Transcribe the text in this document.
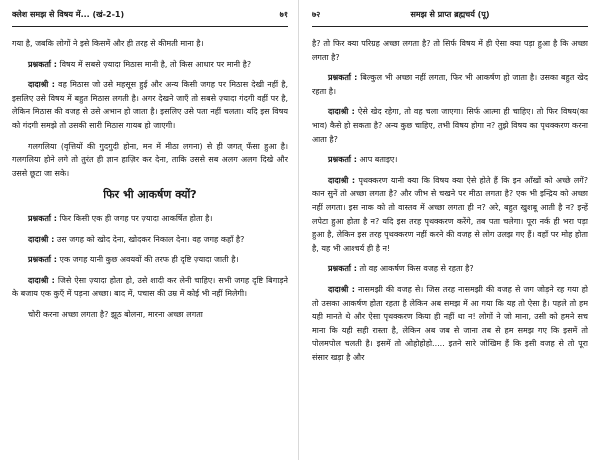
क्लेश समझ से विषय में... (खं-2-1)	७१

गया है, जबकि लोगों ने इसे किसमें और ही तरह से कीमती माना है।

प्रश्नकर्ता : विषय में सबसे ज़्यादा मिठास मानी है, तो किस आधार पर मानी है?

दादाश्री : वह मिठास जो उसे महसूस हुई और अन्य किसी जगह पर मिठास देखी नहीं है, इसलिए उसे विषय में बहुत मिठास लगती है। अगर देखने जाएँ तो सबसे ज़्यादा गंदगी वहीं पर है, लेकिन मिठास की वजह से उसे अभान हो जाता है। इसलिए उसे पता नहीं चलता। यदि इस विषय को गंदगी समझे तो उसकी सारी मिठास गायब हो जाएगी।

गलगलिया (वृत्तियों की गुदगुदी होना, मन में मीठा लगना) से ही जगत् फँसा हुआ है। गलगलिया होने लगे तो तुरंत ही ज्ञान हाज़िर कर देना, ताकि उससे सब अलग अलग दिखे और उससे छूटा जा सके।

फिर भी आकर्षण क्यों?

प्रश्नकर्ता : फिर किसी एक ही जगह पर ज़्यादा आकर्षित होता है।

दादाश्री : उस जगह को खोद देना, खोदकर निकाल देना। वह जगह कहाँ है?

प्रश्नकर्ता : एक जगह यानी कुछ अवयवों की तरफ ही दृष्टि ज़्यादा जाती है।

दादाश्री : जिसे ऐसा ज़्यादा होता हो, उसे शादी कर लेनी चाहिए। सभी जगह दृष्टि बिगाड़ने के बजाय एक कुएँ में पड़ना अच्छा। बाद में, पचास की उम्र में कोई भी नहीं मिलेगी।

चोरी करना अच्छा लगता है? झूठ बोलना, मारना अच्छा लगता

७२	समझ से प्राप्त ब्रह्मचर्य (पू)

है? तो फिर क्या परिग्रह अच्छा लगता है? तो सिर्फ विषय में ही ऐसा क्या पड़ा हुआ है कि अच्छा लगता है?

प्रश्नकर्ता : बिल्कुल भी अच्छा नहीं लगता, फिर भी आकर्षण हो जाता है। उसका बहुत खेद रहता है।

दादाश्री : ऐसे खेद रहेगा, तो वह चला जाएगा। सिर्फ आत्मा ही चाहिए। तो फिर विषय(का भाव) कैसे हो सकता है? अन्य कुछ चाहिए, तभी विषय होगा न? तुझे विषय का पृथक्करण करना आता है?

प्रश्नकर्ता : आप बताइए।

दादाश्री : पृथक्करण यानी क्या कि विषय क्या ऐसे होते हैं कि इन आँखों को अच्छे लगें? कान सुनें तो अच्छा लगता है? और जीभ से चखने पर मीठा लगता है? एक भी इन्द्रिय को अच्छा नहीं लगता। इस नाक को तो वास्तव में अच्छा लगता ही न? अरे, बहुत खुशबू आती है न? इन्हें लपेटा हुआ होता है न? यदि इस तरह पृथक्करण करेंगे, तब पता चलेगा। पूरा नर्क ही भरा पड़ा हुआ है, लेकिन इस तरह पृथक्करण नहीं करने की वजह से लोग उलझ गए हैं। वहाँ पर मोह होता है, यह भी आश्चर्य ही है न!

प्रश्नकर्ता : तो वह आकर्षण किस वजह से रहता है?

दादाश्री : नासमझी की वजह से। जिस तरह नासमझी की वजह से जग जोड़ने रह गया हो तो उसका आकर्षण होता रहता है लेकिन अब समझ में आ गया कि यह तो ऐसा है। पहले तो हम यही मानते थे और ऐसा पृथक्करण किया ही नहीं था न! लोगों ने जो माना, उसी को हमने सच माना कि यही सही रास्ता है, लेकिन अब जब से जाना तब से हम समझ गए कि इसमें तो पोलमपोल चलती है। इसमें तो ओहोहोहो..... इतने सारे जोखिम हैं कि इसी वजह से तो पूरा संसार खड़ा है और
